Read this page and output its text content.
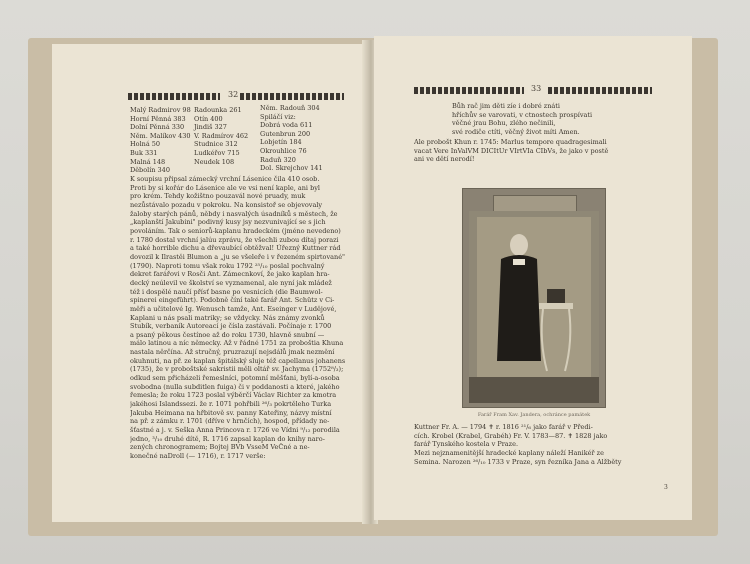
32
Malý Radmirov 98
Horní Pěnná 383
Dolní Pěnná 330
Něm. Malíkov 430
Holná 50
Buk 331
Malná 148
Děbolín 340
Radounka 261
Otín 400
Jindiš 327
V. Radmírov 462
Studnice 312
Ludkéřov 715
Neudek 108
Něm. Radouň 304
Spiláčí viz:
Dobrá voda 611
Gutenbrun 200
Lobjetín 184
Okrouhlice 76
Raduň 320
Dol. Skrejchov 141
K soupisu připsal zámecký vrchní Lásenice čila 410 osob.
Proti by si kořár do Lásenice ale ve vsi není kaple, ani byl
pro krém. Tehdy kožištno pouzavál nové pruady, muk
nezůstávalo pozadu v pokroku. Na konsistoř se objevovaly
žaloby starých pánů, něbdy i nasvalých úsadníků s městech, že
„kaplanští Jakubini" podivný kusy jsy nezvunivající se s jich
povoláním. Tak o seniorů-kaplanu hradeckém (jméno nevedeno)
r. 1780 dostal vrchní jalúu zprávu, že všechli zubou dítaj porazi
a také horrible dichu a dřevaubící obtěžval! Úřezný Kuttner rád
dovozil k Ilrastěi Blumon a „ju se všeleře i v řezeném spirtované"
(1790). Naproti tomu však roku 1792 ²⁵/₁₀ poslal pochvalný
dekret farářovi v Rosči Ant. Zámecnkoví, že jako kaplan hra-
decký neúlevil ve školství se vyznamenal, ale nyní jak mládež
též i dospělé naučí přísť basne po vesnicích (die Baumwol-
spinerei eingeführt). Podobně číní také farář Ant. Schütz v Ci-
měři a učitelové Ig. Wenusch tamže, Ant. Eseinger v Ludějové,
Kaplani u nás psali matriky; se vždycky. Nás známy zvonků
Stubík, verbaník Autoreací je čísla zastávali. Počínaje r. 1700
a psaný pěkous čestínoe až do roku 1730, hlavně snubní —
málo latinou a níc německy. Až v řádné 1751 za proboštia Khuna
nastala něrčína. Až stručný, pruzrazují nejsdálů jmak nezmění
okuhnuti, na př. ze kaplan špitálský sluje též capellanus johanens
(1735), že v proboštské sakristii měli oltář sv. Jachyma (1752⁸/₃);
odkud sem přicházeli řemeslníci, potomní měšťani, bylí-a-osoba
svobodna (nulla subditlen fuiga) či v poddanosti a které, jakého
řemesla; že roku 1723 poslal výběrčí Václav Richter za kmotra
jakéhosi Islandssezi. že r. 1071 pohřbili ²⁶/₃ pokrtěleho Turka
Jakuba Heimana na hřbitově sv. panny Kateřiny, názvy místní
na př. z zámku r. 1701 (dříve v hrnčích), hospod, přídady ne-
šťastné a j. v. Seška Anna Princova r. 1726 ve Vídni ⁹/₁₂ porodila
jedno, ³/₁₀ druhé dítě, R. 1716 zapsal kaplan do knihy naro-
zených chronogramem; Bojtej BVb VsseM VeČné a ne-
konečné naDroll (— 1716), r. 1717 verše:
33
Bůh rač jim děti zíe i dobré znáti
hříchův se varovati, v ctnostech prospívati
věčné jrau Bohu, zlého nečinili,
své rodiče ctíti, věčný život míti Amen.
Ale probošt Khun r. 1745: Marlus tempore quadragesimali
vacat Vere InValVM DICItUr VIrtVIa CIbVs, že jako v postě
ani ve dětí nerodí!
Farář Fram Xav. Jandera, ochránce památek
Kuttner Fr. A. — 1794 ✝ r. 1816 ²¹/₆ jako farář v Předi-
cích. Krobel (Krabel, Grabéh) Fr. V. 1783—87. ✝ 1828 jako
farář Tynského kostela v Praze.
Mezi nejznamenitější hradecké kaplany náleží Hanikéř ze
Semina. Narozen ²⁶/₁₀ 1733 v Praze, syn řezníka Jana a Alžběty
3
